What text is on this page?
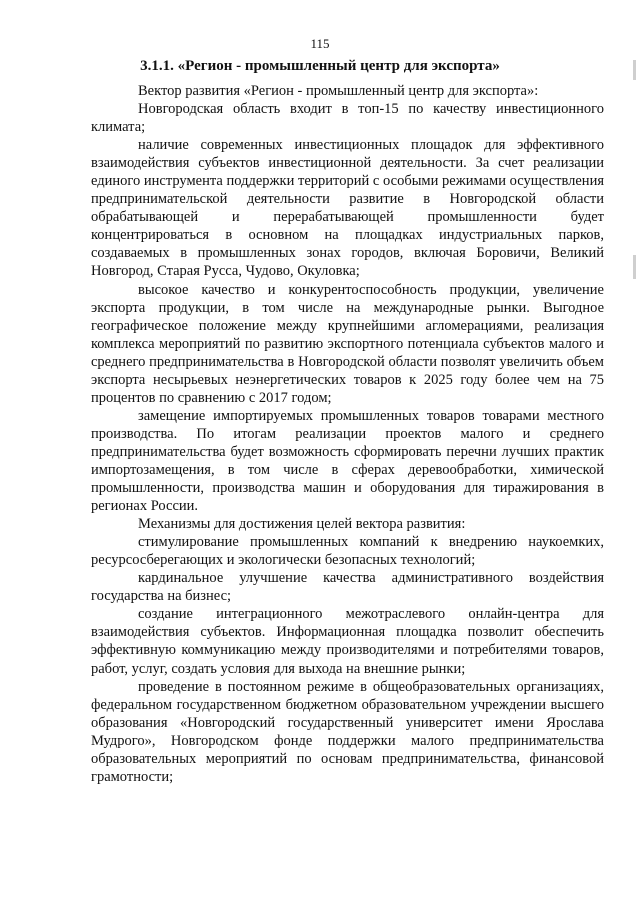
115
3.1.1. «Регион - промышленный центр для экспорта»

Вектор развития «Регион - промышленный центр для экспорта»:

Новгородская область входит в топ-15 по качеству инвестиционного климата;

наличие современных инвестиционных площадок для эффективного взаимодействия субъектов инвестиционной деятельности. За счет реализации единого инструмента поддержки территорий с особыми режимами осуществления предпринимательской деятельности развитие в Новгородской области обрабатывающей и перерабатывающей промышленности будет концентрироваться в основном на площадках индустриальных парков, создаваемых в промышленных зонах городов, включая Боровичи, Великий Новгород, Старая Русса, Чудово, Окуловка;

высокое качество и конкурентоспособность продукции, увеличение экспорта продукции, в том числе на международные рынки. Выгодное географическое положение между крупнейшими агломерациями, реализация комплекса мероприятий по развитию экспортного потенциала субъектов малого и среднего предпринимательства в Новгородской области позволят увеличить объем экспорта несырьевых неэнергетических товаров к 2025 году более чем на 75 процентов по сравнению с 2017 годом;

замещение импортируемых промышленных товаров товарами местного производства. По итогам реализации проектов малого и среднего предпринимательства будет возможность сформировать перечни лучших практик импортозамещения, в том числе в сферах деревообработки, химической промышленности, производства машин и оборудования для тиражирования в регионах России.

Механизмы для достижения целей вектора развития:

стимулирование промышленных компаний к внедрению наукоемких, ресурсосберегающих и экологически безопасных технологий;

кардинальное улучшение качества административного воздействия государства на бизнес;

создание интеграционного межотраслевого онлайн-центра для взаимодействия субъектов. Информационная площадка позволит обеспечить эффективную коммуникацию между производителями и потребителями товаров, работ, услуг, создать условия для выхода на внешние рынки;

проведение в постоянном режиме в общеобразовательных организациях, федеральном государственном бюджетном образовательном учреждении высшего образования «Новгородский государственный университет имени Ярослава Мудрого», Новгородском фонде поддержки малого предпринимательства образовательных мероприятий по основам предпринимательства, финансовой грамотности;
